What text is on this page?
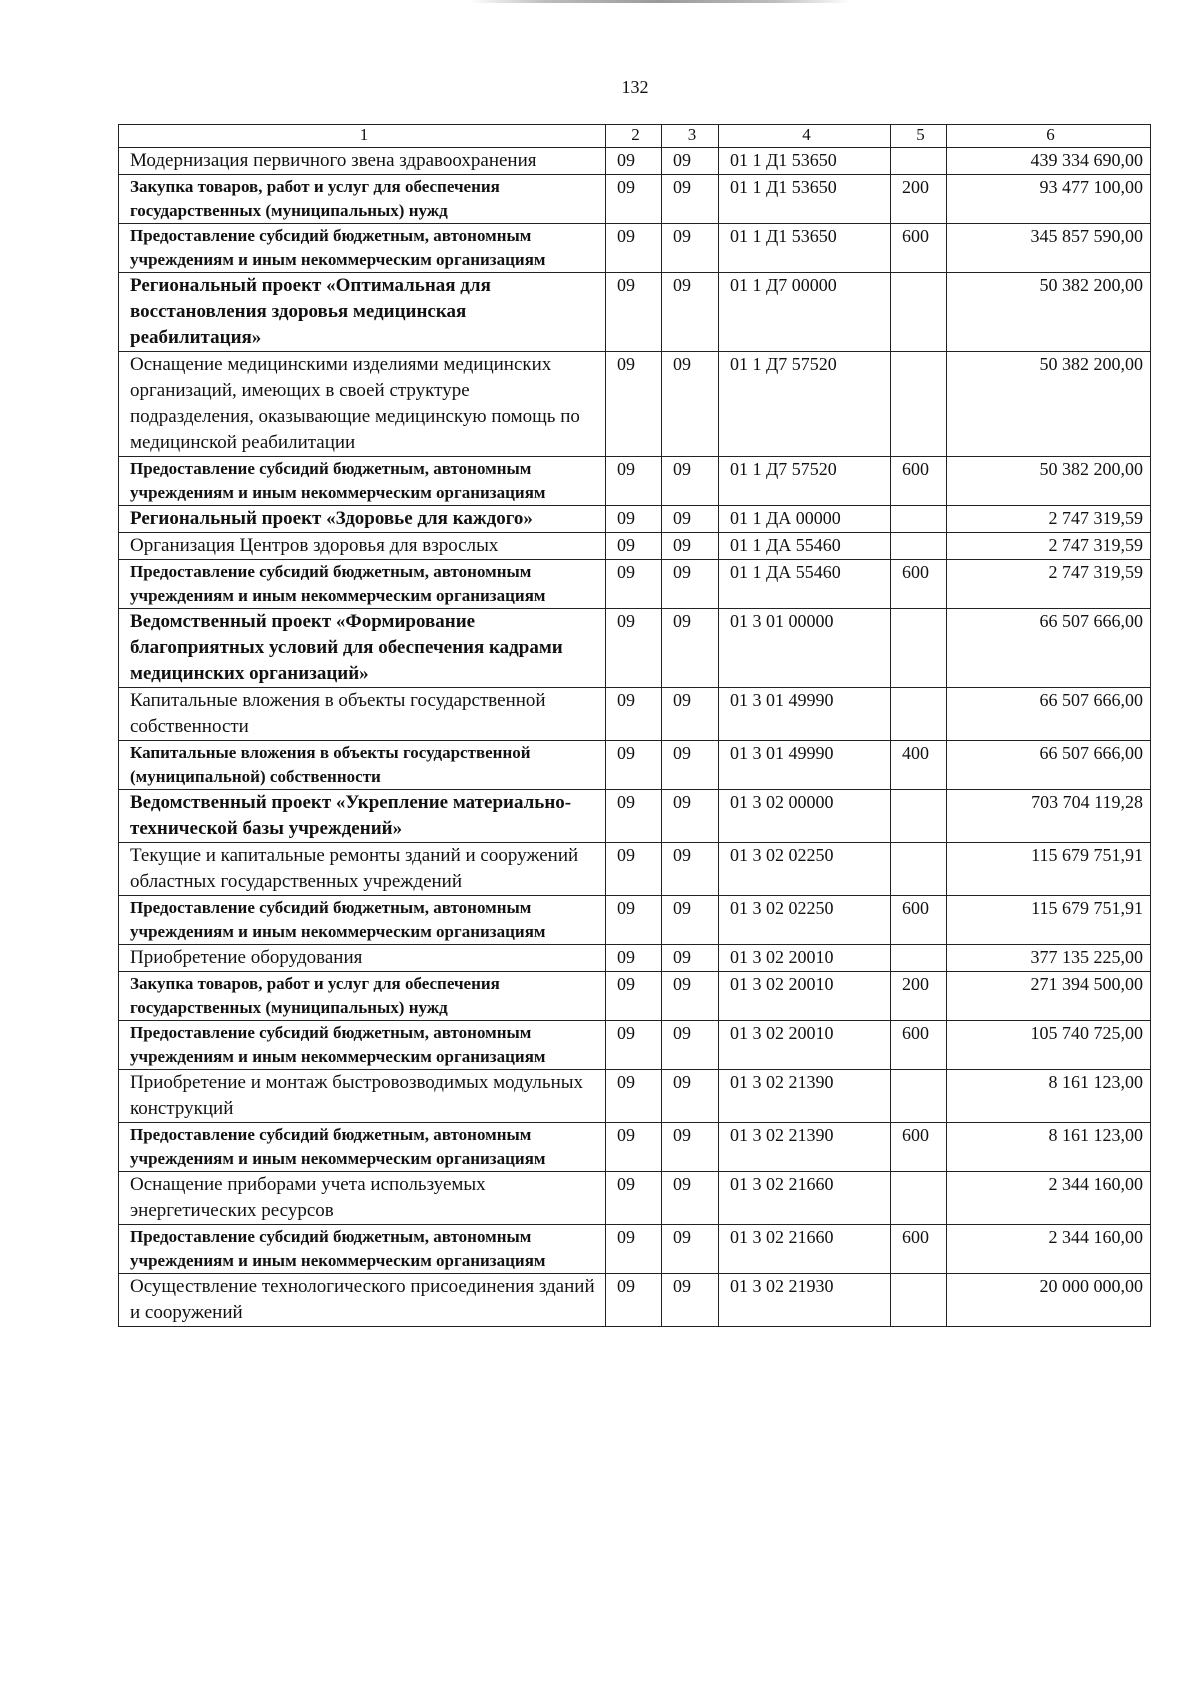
132
1	2	3	4	5	6
Модернизация первичного звена здравоохранения	09	09	01 1 Д1 53650		439 334 690,00
Закупка товаров, работ и услуг для обеспечения государственных (муниципальных) нужд	09	09	01 1 Д1 53650	200	93 477 100,00
Предоставление субсидий бюджетным, автономным учреждениям и иным некоммерческим организациям	09	09	01 1 Д1 53650	600	345 857 590,00
Региональный проект «Оптимальная для восстановления здоровья медицинская реабилитация»	09	09	01 1 Д7 00000		50 382 200,00
Оснащение медицинскими изделиями медицинских организаций, имеющих в своей структуре подразделения, оказывающие медицинскую помощь по медицинской реабилитации	09	09	01 1 Д7 57520		50 382 200,00
Предоставление субсидий бюджетным, автономным учреждениям и иным некоммерческим организациям	09	09	01 1 Д7 57520	600	50 382 200,00
Региональный проект «Здоровье для каждого»	09	09	01 1 ДА 00000		2 747 319,59
Организация Центров здоровья для взрослых	09	09	01 1 ДА 55460		2 747 319,59
Предоставление субсидий бюджетным, автономным учреждениям и иным некоммерческим организациям	09	09	01 1 ДА 55460	600	2 747 319,59
Ведомственный проект «Формирование благоприятных условий для обеспечения кадрами медицинских организаций»	09	09	01 3 01 00000		66 507 666,00
Капитальные вложения в объекты государственной собственности	09	09	01 3 01 49990		66 507 666,00
Капитальные вложения в объекты государственной (муниципальной) собственности	09	09	01 3 01 49990	400	66 507 666,00
Ведомственный проект «Укрепление материально-технической базы учреждений»	09	09	01 3 02 00000		703 704 119,28
Текущие и капитальные ремонты зданий и сооружений областных государственных учреждений	09	09	01 3 02 02250		115 679 751,91
Предоставление субсидий бюджетным, автономным учреждениям и иным некоммерческим организациям	09	09	01 3 02 02250	600	115 679 751,91
Приобретение оборудования	09	09	01 3 02 20010		377 135 225,00
Закупка товаров, работ и услуг для обеспечения государственных (муниципальных) нужд	09	09	01 3 02 20010	200	271 394 500,00
Предоставление субсидий бюджетным, автономным учреждениям и иным некоммерческим организациям	09	09	01 3 02 20010	600	105 740 725,00
Приобретение и монтаж быстровозводимых модульных конструкций	09	09	01 3 02 21390		8 161 123,00
Предоставление субсидий бюджетным, автономным учреждениям и иным некоммерческим организациям	09	09	01 3 02 21390	600	8 161 123,00
Оснащение приборами учета используемых энергетических ресурсов	09	09	01 3 02 21660		2 344 160,00
Предоставление субсидий бюджетным, автономным учреждениям и иным некоммерческим организациям	09	09	01 3 02 21660	600	2 344 160,00
Осуществление технологического присоединения зданий и сооружений	09	09	01 3 02 21930		20 000 000,00
